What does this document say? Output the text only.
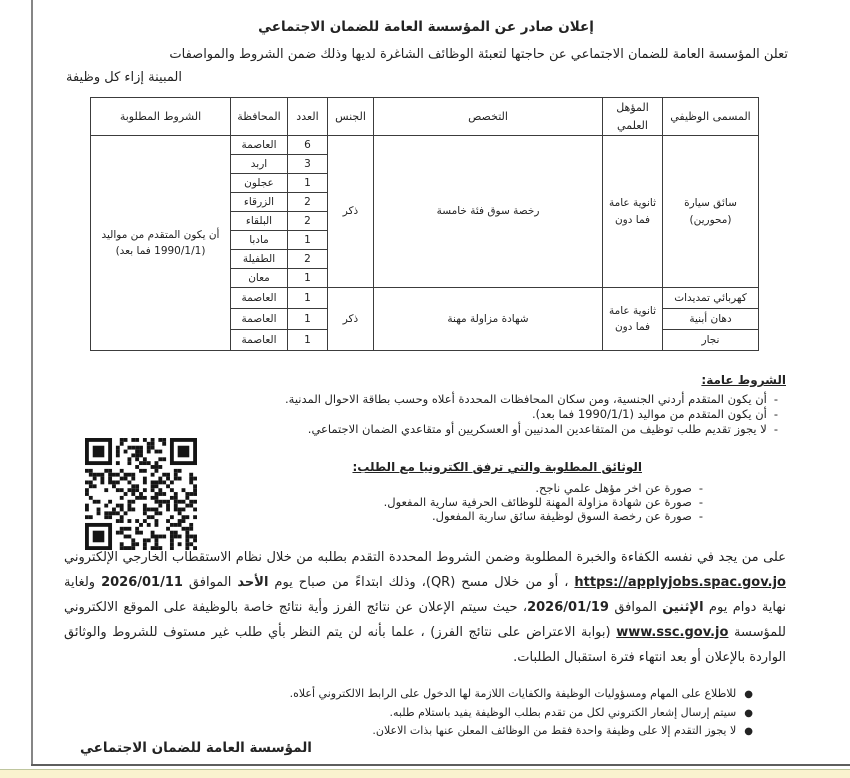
إعلان صادر عن المؤسسة العامة للضمان الاجتماعي
تعلن المؤسسة العامة للضمان الاجتماعي عن حاجتها لتعبئة الوظائف الشاغرة لديها وذلك ضمن الشروط والمواصفات
المبينة إزاء كل وظيفة
المسمى الوظيفي	المؤهل العلمي	التخصص	الجنس	العدد	المحافظة	الشروط المطلوبة
سائق سيارة (محورين)	ثانوية عامة فما دون	رخصة سوق فئة خامسة	ذكر	6	العاصمة	أن يكون المتقدم من مواليد (1990/1/1 فما بعد)
				3	اربد	
				1	عجلون	
				2	الزرقاء	
				2	البلقاء	
				1	مادبا	
				2	الطفيلة	
				1	معان	
كهربائي تمديدات	ثانوية عامة فما دون	شهادة مزاولة مهنة	ذكر	1	العاصمة	
دهان أبنية				1	العاصمة	
نجار				1	العاصمة	
الشروط عامة:
-أن يكون المتقدم أردني الجنسية، ومن سكان المحافظات المحددة أعلاه وحسب بطاقة الاحوال المدنية.
-أن يكون المتقدم من مواليد (1990/1/1 فما بعد).
-لا يجوز تقديم طلب توظيف من المتقاعدين المدنيين أو العسكريين أو متقاعدي الضمان الاجتماعي.
الوثائق المطلوبة والتي ترفق الكترونيا مع الطلب:
-صورة عن اخر مؤهل علمي ناجح.
-صورة عن شهادة مزاولة المهنة للوظائف الحرفية سارية المفعول.
-صورة عن رخصة السوق لوظيفة سائق سارية المفعول.
على من يجد في نفسه الكفاءة والخبرة المطلوبة وضمن الشروط المحددة التقدم بطلبه من خلال نظام الاستقطاب الخارجي الإلكتروني https://applyjobs.spac.gov.jo ، أو من خلال مسح (QR)، وذلك ابتداءً من صباح يوم الأحد الموافق 2026/01/11 ولغاية نهاية دوام يوم الإثنين الموافق 2026/01/19، حيث سيتم الإعلان عن نتائج الفرز وأية نتائج خاصة بالوظيفة على الموقع الالكتروني للمؤسسة www.ssc.gov.jo (بوابة الاعتراض على نتائج الفرز) ، علما بأنه لن يتم النظر بأي طلب غير مستوف للشروط والوثائق الواردة بالإعلان أو بعد انتهاء فترة استقبال الطلبات.
●للاطلاع على المهام ومسؤوليات الوظيفة والكفايات اللازمة لها الدخول على الرابط الالكتروني أعلاه.
●سيتم إرسال إشعار الكتروني لكل من تقدم بطلب الوظيفة يفيد باستلام طلبه.
●لا يجوز التقدم إلا على وظيفة واحدة فقط من الوظائف المعلن عنها بذات الاعلان.
المؤسسة العامة للضمان الاجتماعي
